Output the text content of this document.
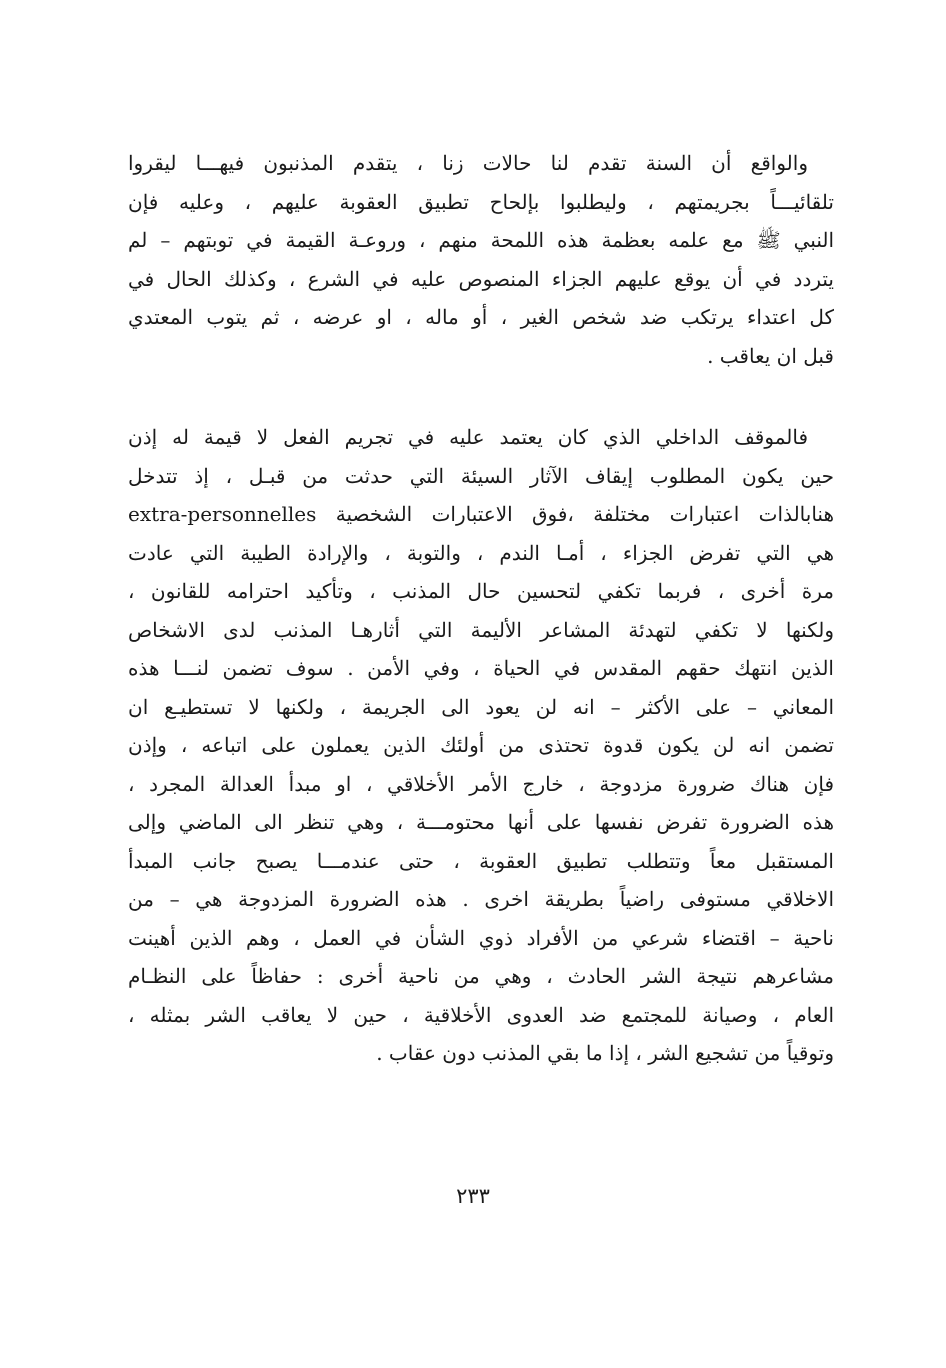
والواقع أن السنة تقدم لنا حالات زنا ، يتقدم المذنبون فيهـــا ليقروا
تلقائيـــاً بجريمتهم ، وليطلبوا بإلحاح تطبيق العقوبة عليهم ، وعليه فإن
النبي ﷺ مع علمه بعظمة هذه اللمحة منهم ، وروعـة القيمة في توبتهم – لم
يتردد في أن يوقع عليهم الجزاء المنصوص عليه في الشرع ، وكذلك الحال في
كل اعتداء يرتكب ضد شخص الغير ، أو ماله ، او عرضه ، ثم يتوب المعتدي
قبل ان يعاقب .
فالموقف الداخلي الذي كان يعتمد عليه في تجريم الفعل لا قيمة له إذن
حين يكون المطلوب إيقاف الآثار السيئة التي حدثت من قبـل ، إذ تتدخل
هنابالذات اعتبارات مختلفة ،فوق الاعتبارات الشخصية extra-personnelles
هي التي تفرض الجزاء ، أمـا الندم ، والتوبة ، والإرادة الطيبة التي عادت
مرة أخرى ، فربما تكفي لتحسين حال المذنب ، وتأكيد احترامه للقانون ،
ولكنها لا تكفي لتهدئة المشاعر الأليمة التي أثارهـا المذنب لدى الاشخاص
الذين انتهك حقهم المقدس في الحياة ، وفي الأمن . سوف تضمن لنـــا هذه
المعاني – على الأكثر – انه لن يعود الى الجريمة ، ولكنها لا تستطيـع ان
تضمن انه لن يكون قدوة تحتذى من أولئك الذين يعملون على اتباعه ، وإذن
فإن هناك ضرورة مزدوجة ، خارج الأمر الأخلاقي ، او مبدأ العدالة المجرد ،
هذه الضرورة تفرض نفسها على أنها محتومـــة ، وهي تنظر الى الماضي وإلى
المستقبل معاً وتتطلب تطبيق العقوبة ، حتى عندمـــا يصبح جانب المبدأ
الاخلاقي مستوفى راضياً بطريقة اخرى . هذه الضرورة المزدوجة هي – من
ناحية – اقتضاء شرعي من الأفراد ذوي الشأن في العمل ، وهم الذين أهينت
مشاعرهم نتيجة الشر الحادث ، وهي من ناحية أخرى : حفاظاً على النظـام
العام ، وصيانة للمجتمع ضد العدوى الأخلاقية ، حين لا يعاقب الشر بمثله ،
وتوقياً من تشجيع الشر ، إذا ما بقي المذنب دون عقاب .
٢٣٣
